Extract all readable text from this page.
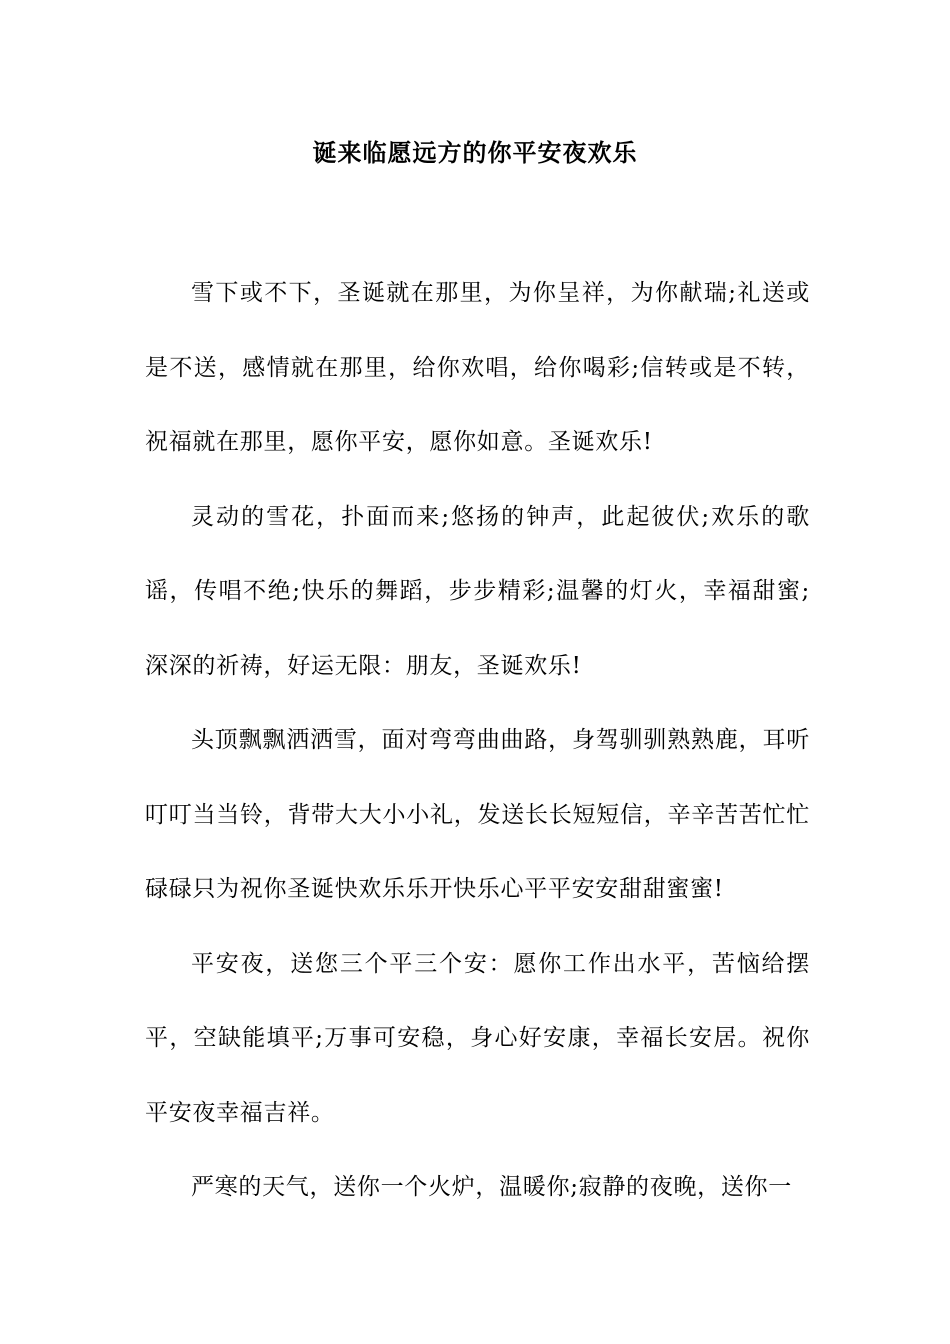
诞来临愿远方的你平安夜欢乐

雪下或不下，圣诞就在那里，为你呈祥，为你献瑞;礼送或是不送，感情就在那里，给你欢唱，给你喝彩;信转或是不转，祝福就在那里，愿你平安，愿你如意。圣诞欢乐!

灵动的雪花，扑面而来;悠扬的钟声，此起彼伏;欢乐的歌谣，传唱不绝;快乐的舞蹈，步步精彩;温馨的灯火，幸福甜蜜;深深的祈祷，好运无限：朋友，圣诞欢乐!

头顶飘飘洒洒雪，面对弯弯曲曲路，身驾驯驯熟熟鹿，耳听叮叮当当铃，背带大大小小礼，发送长长短短信，辛辛苦苦忙忙碌碌只为祝你圣诞快欢乐乐开快乐心平平安安甜甜蜜蜜!

平安夜，送您三个平三个安：愿你工作出水平，苦恼给摆平，空缺能填平;万事可安稳，身心好安康，幸福长安居。祝你平安夜幸福吉祥。

严寒的天气，送你一个火炉，温暖你;寂静的夜晚，送你一
